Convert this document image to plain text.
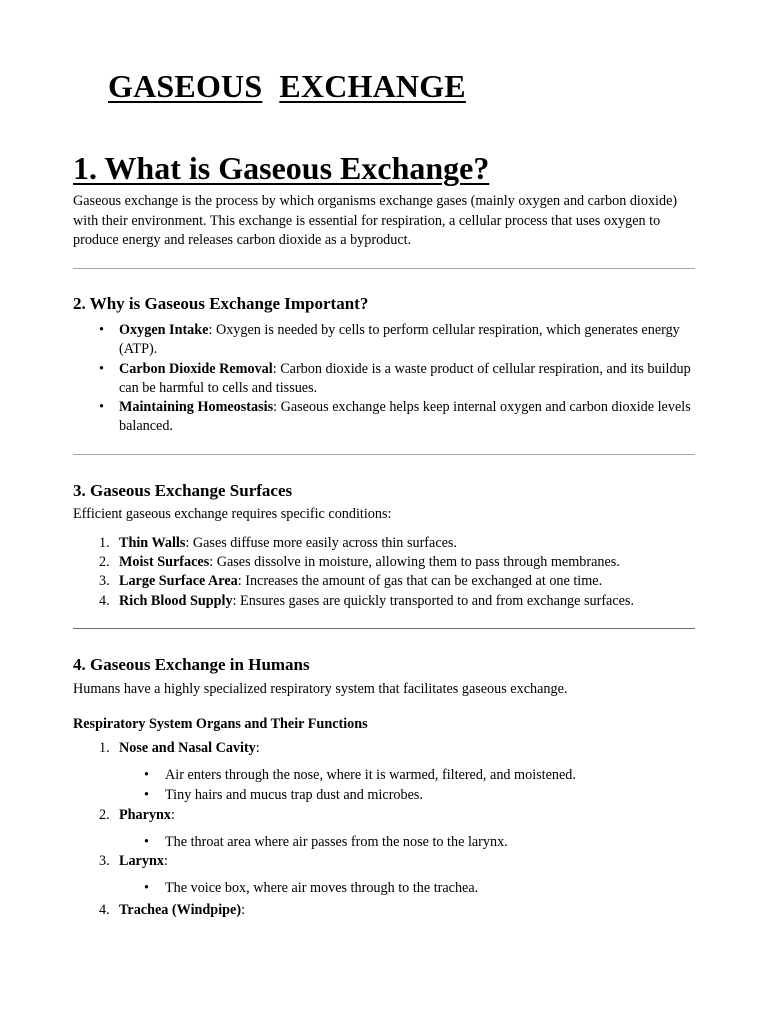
GASEOUS EXCHANGE
1. What is Gaseous Exchange?

Gaseous exchange is the process by which organisms exchange gases (mainly oxygen and carbon dioxide) with their environment. This exchange is essential for respiration, a cellular process that uses oxygen to produce energy and releases carbon dioxide as a byproduct.

2. Why is Gaseous Exchange Important?
• Oxygen Intake: Oxygen is needed by cells to perform cellular respiration, which generates energy (ATP).
• Carbon Dioxide Removal: Carbon dioxide is a waste product of cellular respiration, and its buildup can be harmful to cells and tissues.
• Maintaining Homeostasis: Gaseous exchange helps keep internal oxygen and carbon dioxide levels balanced.
3. Gaseous Exchange Surfaces

Efficient gaseous exchange requires specific conditions:

1. Thin Walls: Gases diffuse more easily across thin surfaces.
2. Moist Surfaces: Gases dissolve in moisture, allowing them to pass through membranes.
3. Large Surface Area: Increases the amount of gas that can be exchanged at one time.
4. Rich Blood Supply: Ensures gases are quickly transported to and from exchange surfaces.
4. Gaseous Exchange in Humans

Humans have a highly specialized respiratory system that facilitates gaseous exchange.

Respiratory System Organs and Their Functions
1. Nose and Nasal Cavity:
• Air enters through the nose, where it is warmed, filtered, and moistened.
• Tiny hairs and mucus trap dust and microbes.
2. Pharynx:
• The throat area where air passes from the nose to the larynx.
3. Larynx:
• The voice box, where air moves through to the trachea.
4. Trachea (Windpipe):
